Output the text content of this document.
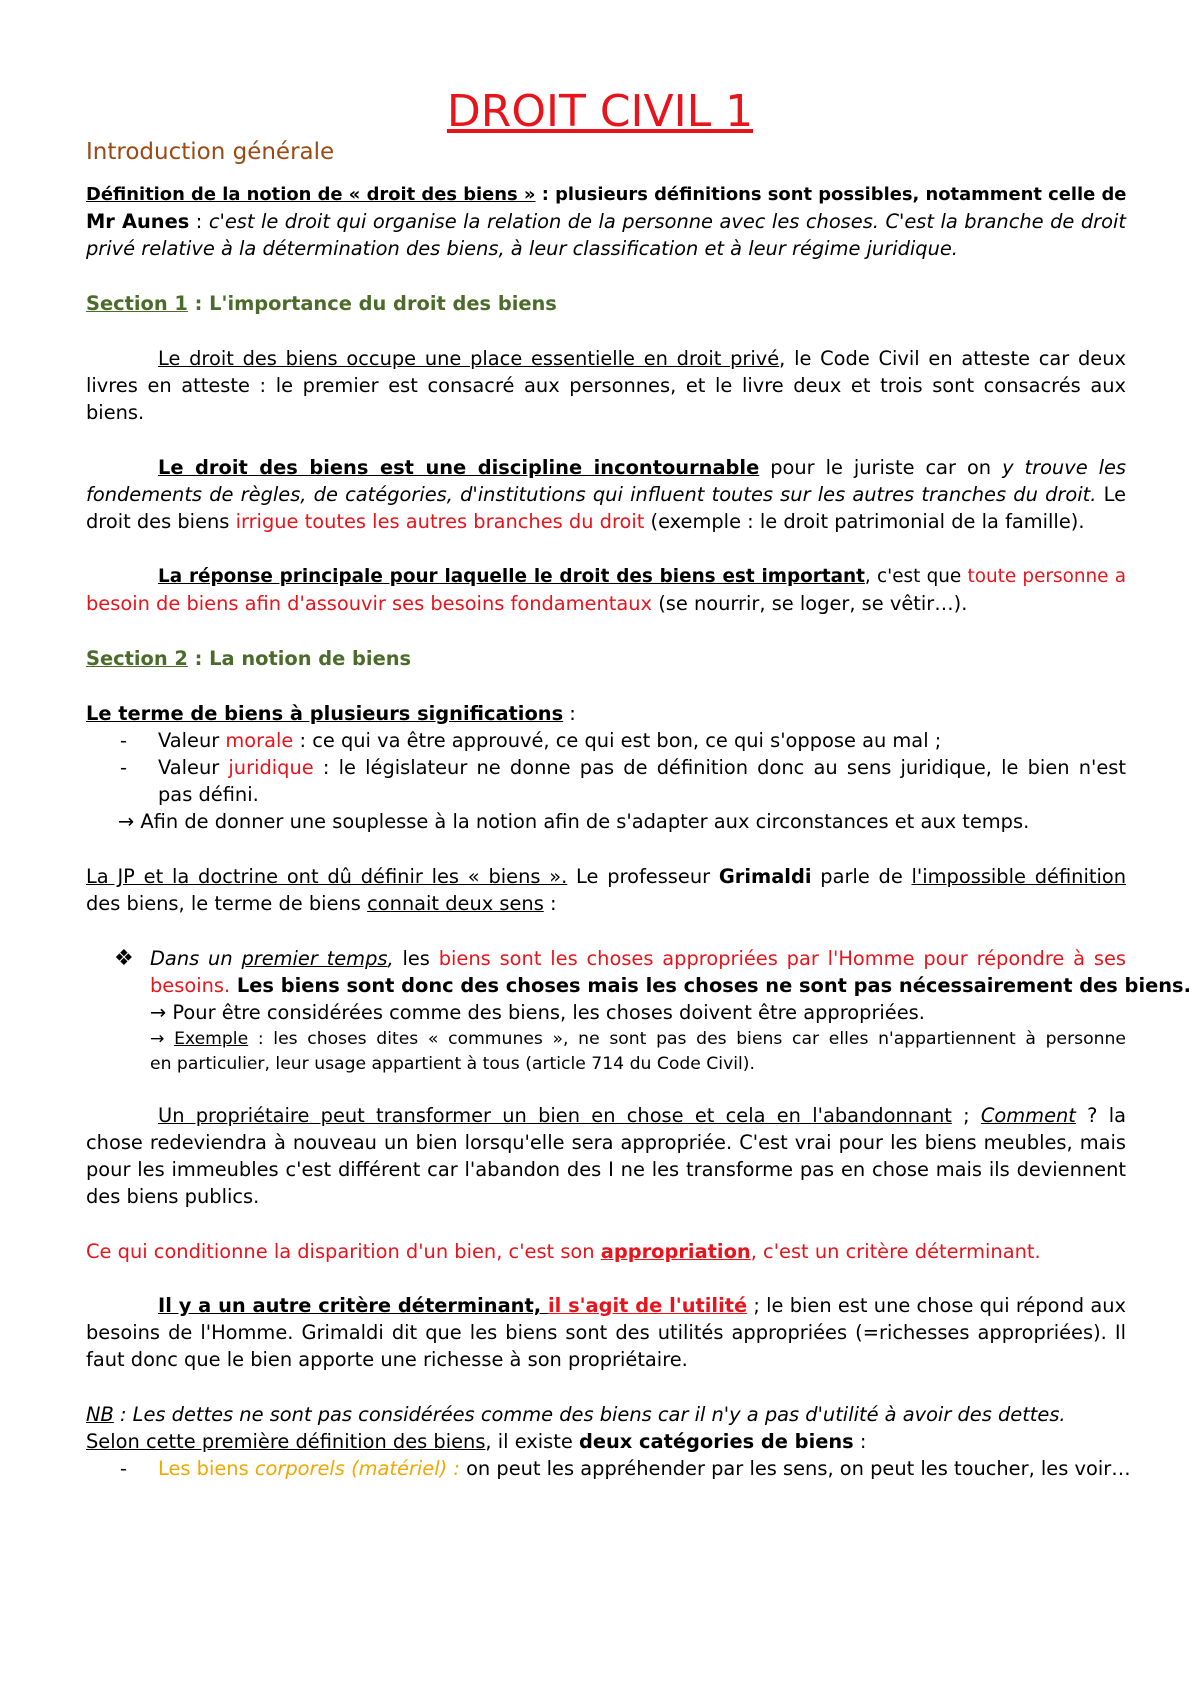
DROIT CIVIL 1
Introduction générale
Définition de la notion de « droit des biens » : plusieurs définitions sont possibles, notamment celle de
Mr Aunes : c'est le droit qui organise la relation de la personne avec les choses. C'est la branche de droit
privé relative à la détermination des biens, à leur classification et à leur régime juridique.
Section 1 : L'importance du droit des biens
Le droit des biens occupe une place essentielle en droit privé, le Code Civil en atteste car deux
livres en atteste : le premier est consacré aux personnes, et le livre deux et trois sont consacrés aux
biens.
Le droit des biens est une discipline incontournable pour le juriste car on y trouve les
fondements de règles, de catégories, d'institutions qui influent toutes sur les autres tranches du droit. Le
droit des biens irrigue toutes les autres branches du droit (exemple : le droit patrimonial de la famille).
La réponse principale pour laquelle le droit des biens est important, c'est que toute personne a
besoin de biens afin d'assouvir ses besoins fondamentaux (se nourrir, se loger, se vêtir…).
Section 2 : La notion de biens
Le terme de biens à plusieurs significations :
- Valeur morale : ce qui va être approuvé, ce qui est bon, ce qui s'oppose au mal ;
- Valeur juridique : le législateur ne donne pas de définition donc au sens juridique, le bien n'est
pas défini.
→ Afin de donner une souplesse à la notion afin de s'adapter aux circonstances et aux temps.
La JP et la doctrine ont dû définir les « biens ». Le professeur Grimaldi parle de l'impossible définition
des biens, le terme de biens connait deux sens :
❖ Dans un premier temps, les biens sont les choses appropriées par l'Homme pour répondre à ses
besoins. Les biens sont donc des choses mais les choses ne sont pas nécessairement des biens.
→ Pour être considérées comme des biens, les choses doivent être appropriées.
→ Exemple : les choses dites « communes », ne sont pas des biens car elles n'appartiennent à personne
en particulier, leur usage appartient à tous (article 714 du Code Civil).
Un propriétaire peut transformer un bien en chose et cela en l'abandonnant ; Comment ? la
chose redeviendra à nouveau un bien lorsqu'elle sera appropriée. C'est vrai pour les biens meubles, mais
pour les immeubles c'est différent car l'abandon des I ne les transforme pas en chose mais ils deviennent
des biens publics.
Ce qui conditionne la disparition d'un bien, c'est son appropriation, c'est un critère déterminant.
Il y a un autre critère déterminant, il s'agit de l'utilité ; le bien est une chose qui répond aux
besoins de l'Homme. Grimaldi dit que les biens sont des utilités appropriées (=richesses appropriées). Il
faut donc que le bien apporte une richesse à son propriétaire.
NB : Les dettes ne sont pas considérées comme des biens car il n'y a pas d'utilité à avoir des dettes.
Selon cette première définition des biens, il existe deux catégories de biens :
- Les biens corporels (matériel) : on peut les appréhender par les sens, on peut les toucher, les voir…
